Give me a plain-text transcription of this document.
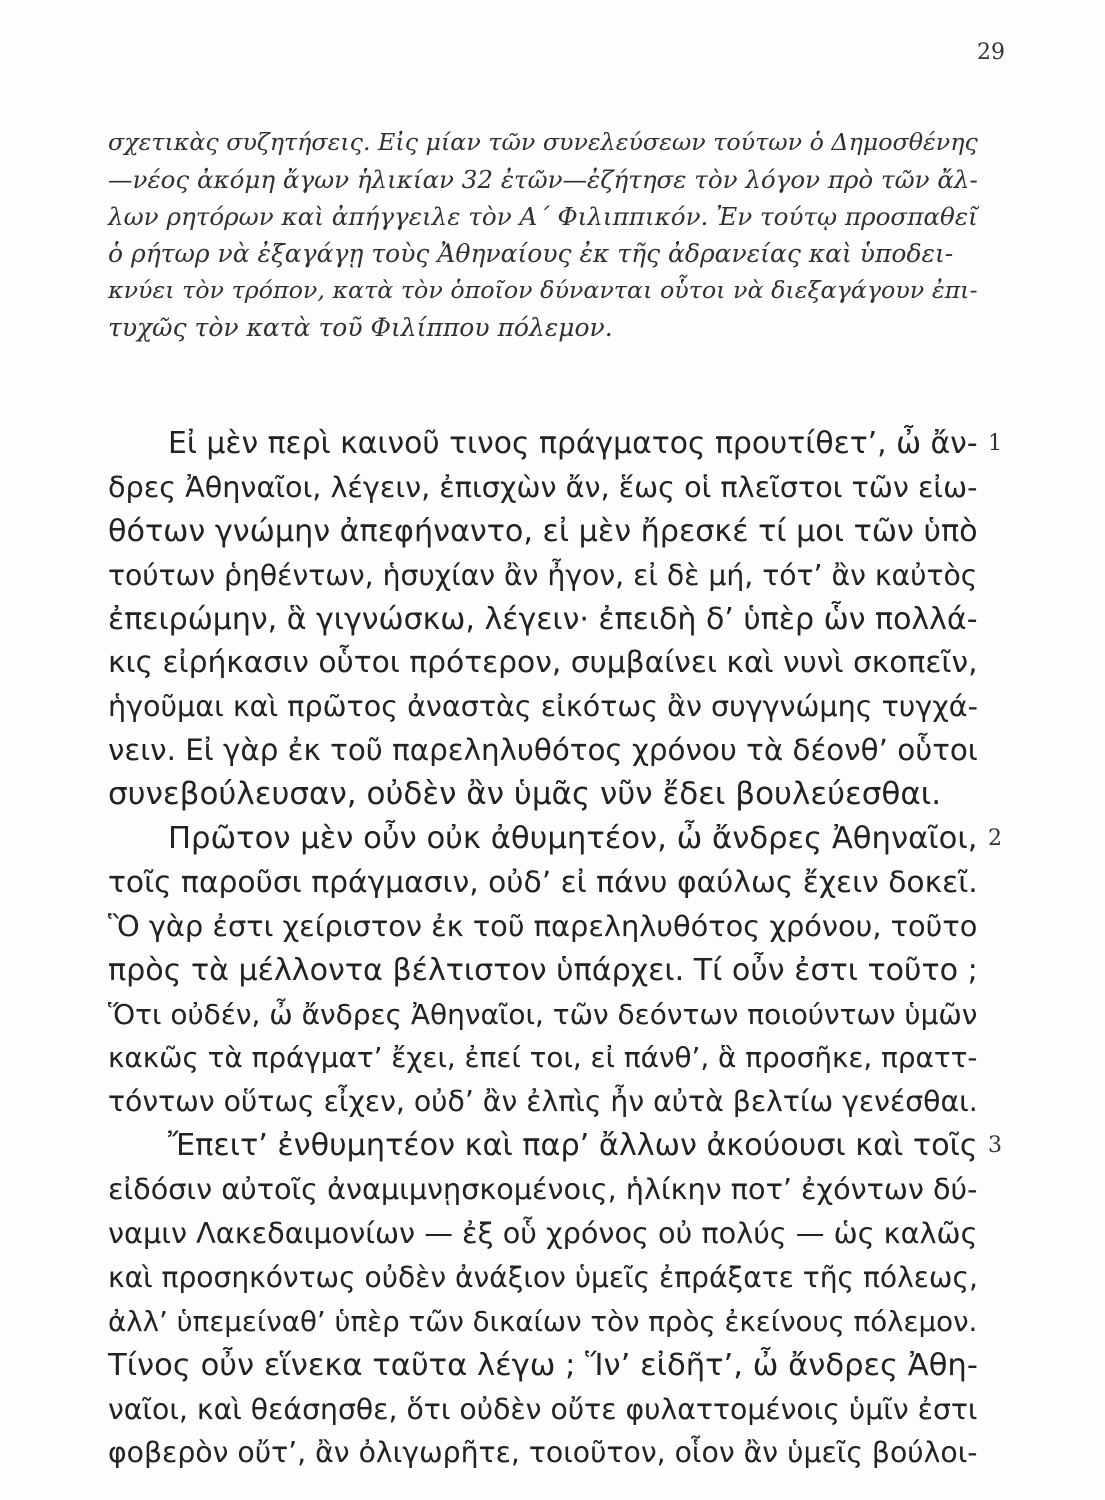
29
σχετικὰς συζητήσεις. Εἰς μίαν τῶν συνελεύσεων τούτων ὁ Δημοσθένης
—νέος ἀκόμη ἄγων ἡλικίαν 32 ἐτῶν—ἐζήτησε τὸν λόγον πρὸ τῶν ἄλ-
λων ρητόρων καὶ ἀπήγγειλε τὸν Α΄ Φιλιππικόν. Ἐν τούτῳ προσπαθεῖ
ὁ ρήτωρ νὰ ἐξαγάγῃ τοὺς Ἀθηναίους ἐκ τῆς ἀδρανείας καὶ ὑποδει-
κνύει τὸν τρόπον, κατὰ τὸν ὁποῖον δύνανται οὗτοι νὰ διεξαγάγουν ἐπι-
τυχῶς τὸν κατὰ τοῦ Φιλίππου πόλεμον.
Εἰ μὲν περὶ καινοῦ τινος πράγματος προυτίθετ’, ὦ ἄν- 1
δρες Ἀθηναῖοι, λέγειν, ἐπισχὼν ἄν, ἕως οἱ πλεῖστοι τῶν εἰω-
θότων γνώμην ἀπεφήναντο, εἰ μὲν ἤρεσκέ τί μοι τῶν ὑπὸ
τούτων ῥηθέντων, ἡσυχίαν ἂν ἦγον, εἰ δὲ μή, τότ’ ἂν καὐτὸς
ἐπειρώμην, ἃ γιγνώσκω, λέγειν· ἐπειδὴ δ’ ὑπὲρ ὧν πολλά-
κις εἰρήκασιν οὗτοι πρότερον, συμβαίνει καὶ νυνὶ σκοπεῖν,
ἡγοῦμαι καὶ πρῶτος ἀναστὰς εἰκότως ἂν συγγνώμης τυγχά-
νειν. Εἰ γὰρ ἐκ τοῦ παρεληλυθότος χρόνου τὰ δέονθ’ οὗτοι
συνεβούλευσαν, οὐδὲν ἂν ὑμᾶς νῦν ἔδει βουλεύεσθαι.
Πρῶτον μὲν οὖν οὐκ ἀθυμητέον, ὦ ἄνδρες Ἀθηναῖοι, 2
τοῖς παροῦσι πράγμασιν, οὐδ’ εἰ πάνυ φαύλως ἔχειν δοκεῖ.
Ὃ γὰρ ἐστι χείριστον ἐκ τοῦ παρεληλυθότος χρόνου, τοῦτο
πρὸς τὰ μέλλοντα βέλτιστον ὑπάρχει. Τί οὖν ἐστι τοῦτο ;
Ὅτι οὐδέν, ὦ ἄνδρες Ἀθηναῖοι, τῶν δεόντων ποιούντων ὑμῶν
κακῶς τὰ πράγματ’ ἔχει, ἐπεί τοι, εἰ πάνθ’, ἃ προσῆκε, πραττ-
τόντων οὕτως εἶχεν, οὐδ’ ἂν ἐλπὶς ἦν αὐτὰ βελτίω γενέσθαι.
Ἔπειτ’ ἐνθυμητέον καὶ παρ’ ἄλλων ἀκούουσι καὶ τοῖς 3
εἰδόσιν αὐτοῖς ἀναμιμνῃσκομένοις, ἡλίκην ποτ’ ἐχόντων δύ-
ναμιν Λακεδαιμονίων — ἐξ οὗ χρόνος οὐ πολύς — ὡς καλῶς
καὶ προσηκόντως οὐδὲν ἀνάξιον ὑμεῖς ἐπράξατε τῆς πόλεως,
ἀλλ’ ὑπεμείναθ’ ὑπὲρ τῶν δικαίων τὸν πρὸς ἐκείνους πόλεμον.
Τίνος οὖν εἵνεκα ταῦτα λέγω ; Ἵν’ εἰδῆτ’, ὦ ἄνδρες Ἀθη-
ναῖοι, καὶ θεάσησθε, ὅτι οὐδὲν οὔτε φυλαττομένοις ὑμῖν ἐστι
φοβερὸν οὔτ’, ἂν ὀλιγωρῆτε, τοιοῦτον, οἷον ἂν ὑμεῖς βούλοι-
